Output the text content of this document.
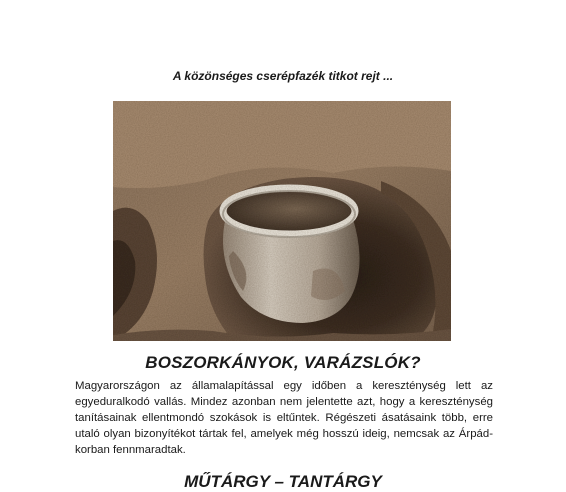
A közönséges cserépfazék titkot rejt ...

BOSZORKÁNYOK, VARÁZSLÓK?

Magyarországon az államalapítással egy időben a kereszténység lett az egyeduralkodó vallás. Mindez azonban nem jelentette azt, hogy a kereszténység tanításainak ellentmondó szokások is eltűntek. Régészeti ásatásaink több, erre utaló olyan bizonyítékot tártak fel, amelyek még hosszú ideig, nemcsak az Árpád-korban fennmaradtak.

MŰTÁRGY – TANTÁRGY
